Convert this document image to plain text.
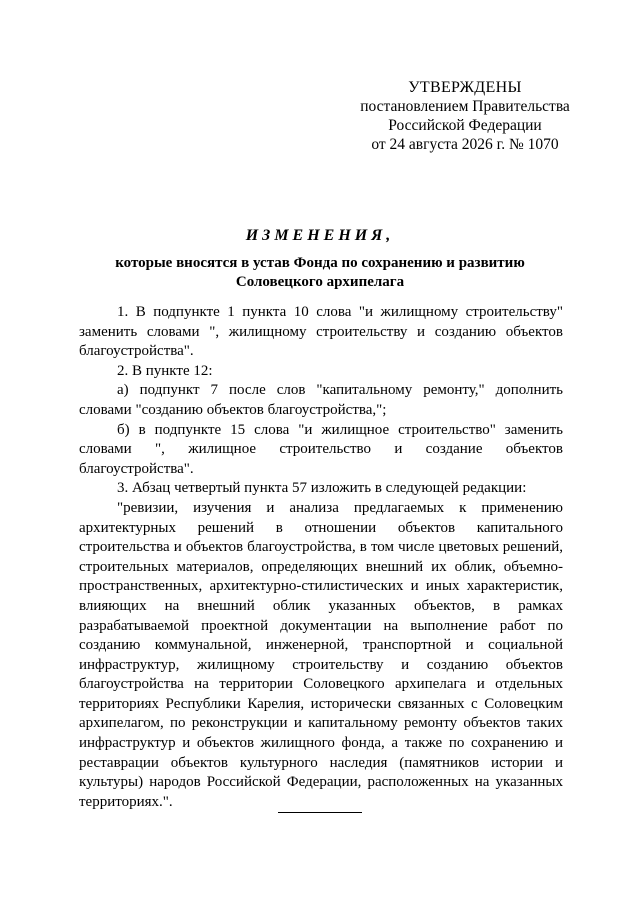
УТВЕРЖДЕНЫ
постановлением Правительства
Российской Федерации
от 24 августа 2026 г. № 1070
ИЗМЕНЕНИЯ,
которые вносятся в устав Фонда по сохранению и развитию
Соловецкого архипелага

1. В подпункте 1 пункта 10 слова "и жилищному строительству" заменить словами ", жилищному строительству и созданию объектов благоустройства".

2. В пункте 12:

а) подпункт 7 после слов "капитальному ремонту," дополнить словами "созданию объектов благоустройства,";

б) в подпункте 15 слова "и жилищное строительство" заменить словами ", жилищное строительство и создание объектов благоустройства".

3. Абзац четвертый пункта 57 изложить в следующей редакции:

"ревизии, изучения и анализа предлагаемых к применению архитектурных решений в отношении объектов капитального строительства и объектов благоустройства, в том числе цветовых решений, строительных материалов, определяющих внешний их облик, объемно-пространственных, архитектурно-стилистических и иных характеристик, влияющих на внешний облик указанных объектов, в рамках разрабатываемой проектной документации на выполнение работ по созданию коммунальной, инженерной, транспортной и социальной инфраструктур, жилищному строительству и созданию объектов благоустройства на территории Соловецкого архипелага и отдельных территориях Республики Карелия, исторически связанных с Соловецким архипелагом, по реконструкции и капитальному ремонту объектов таких инфраструктур и объектов жилищного фонда, а также по сохранению и реставрации объектов культурного наследия (памятников истории и культуры) народов Российской Федерации, расположенных на указанных территориях.".
